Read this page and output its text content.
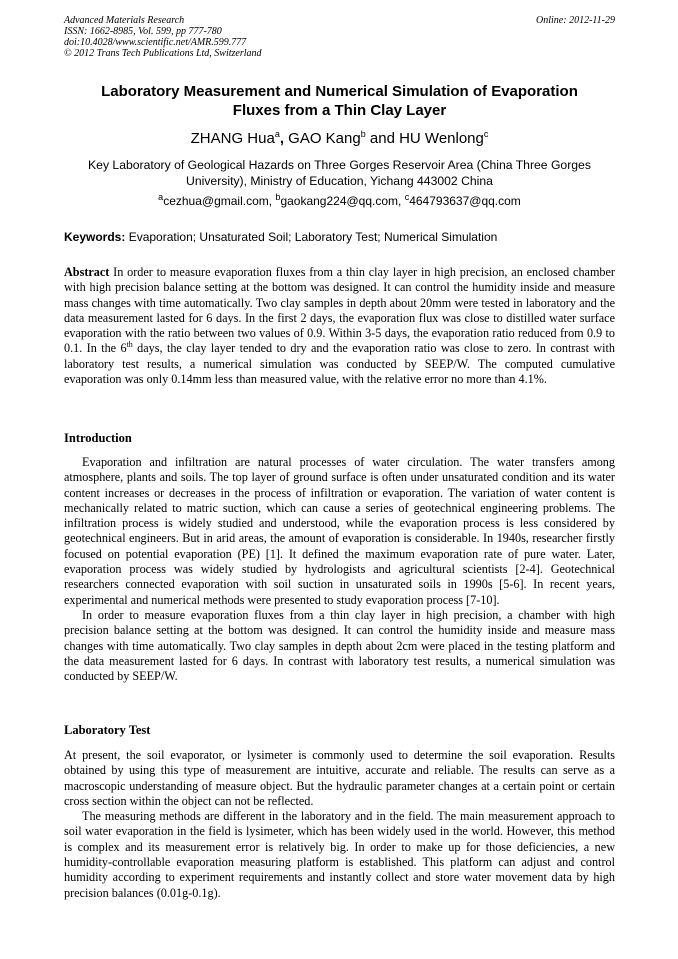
Advanced Materials Research
ISSN: 1662-8985, Vol. 599, pp 777-780
doi:10.4028/www.scientific.net/AMR.599.777
© 2012 Trans Tech Publications Ltd, Switzerland
Online: 2012-11-29
Laboratory Measurement and Numerical Simulation of Evaporation
Fluxes from a Thin Clay Layer
ZHANG Hua$^a$, GAO Kang$^b$ and HU Wenlong$^c$
Key Laboratory of Geological Hazards on Three Gorges Reservoir Area (China Three Gorges
University), Ministry of Education, Yichang 443002 China
$^a$cezhua@gmail.com, $^b$gaokang224@qq.com, $^c$464793637@qq.com
Keywords: Evaporation; Unsaturated Soil; Laboratory Test; Numerical Simulation

Abstract In order to measure evaporation fluxes from a thin clay layer in high precision, an enclosed chamber with high precision balance setting at the bottom was designed. It can control the humidity inside and measure mass changes with time automatically. Two clay samples in depth about 20mm were tested in laboratory and the data measurement lasted for 6 days. In the first 2 days, the evaporation flux was close to distilled water surface evaporation with the ratio between two values of 0.9. Within 3-5 days, the evaporation ratio reduced from 0.9 to 0.1. In the 6th days, the clay layer tended to dry and the evaporation ratio was close to zero. In contrast with laboratory test results, a numerical simulation was conducted by SEEP/W. The computed cumulative evaporation was only 0.14mm less than measured value, with the relative error no more than 4.1%.

Introduction

Evaporation and infiltration are natural processes of water circulation. The water transfers among atmosphere, plants and soils. The top layer of ground surface is often under unsaturated condition and its water content increases or decreases in the process of infiltration or evaporation. The variation of water content is mechanically related to matric suction, which can cause a series of geotechnical engineering problems. The infiltration process is widely studied and understood, while the evaporation process is less considered by geotechnical engineers. But in arid areas, the amount of evaporation is considerable. In 1940s, researcher firstly focused on potential evaporation (PE) [1]. It defined the maximum evaporation rate of pure water. Later, evaporation process was widely studied by hydrologists and agricultural scientists [2-4]. Geotechnical researchers connected evaporation with soil suction in unsaturated soils in 1990s [5-6]. In recent years, experimental and numerical methods were presented to study evaporation process [7-10].

In order to measure evaporation fluxes from a thin clay layer in high precision, a chamber with high precision balance setting at the bottom was designed. It can control the humidity inside and measure mass changes with time automatically. Two clay samples in depth about 2cm were placed in the testing platform and the data measurement lasted for 6 days. In contrast with laboratory test results, a numerical simulation was conducted by SEEP/W.

Laboratory Test

At present, the soil evaporator, or lysimeter is commonly used to determine the soil evaporation. Results obtained by using this type of measurement are intuitive, accurate and reliable. The results can serve as a macroscopic understanding of measure object. But the hydraulic parameter changes at a certain point or certain cross section within the object can not be reflected.

The measuring methods are different in the laboratory and in the field. The main measurement approach to soil water evaporation in the field is lysimeter, which has been widely used in the world. However, this method is complex and its measurement error is relatively big. In order to make up for those deficiencies, a new humidity-controllable evaporation measuring platform is established. This platform can adjust and control humidity according to experiment requirements and instantly collect and store water movement data by high precision balances (0.01g-0.1g).
